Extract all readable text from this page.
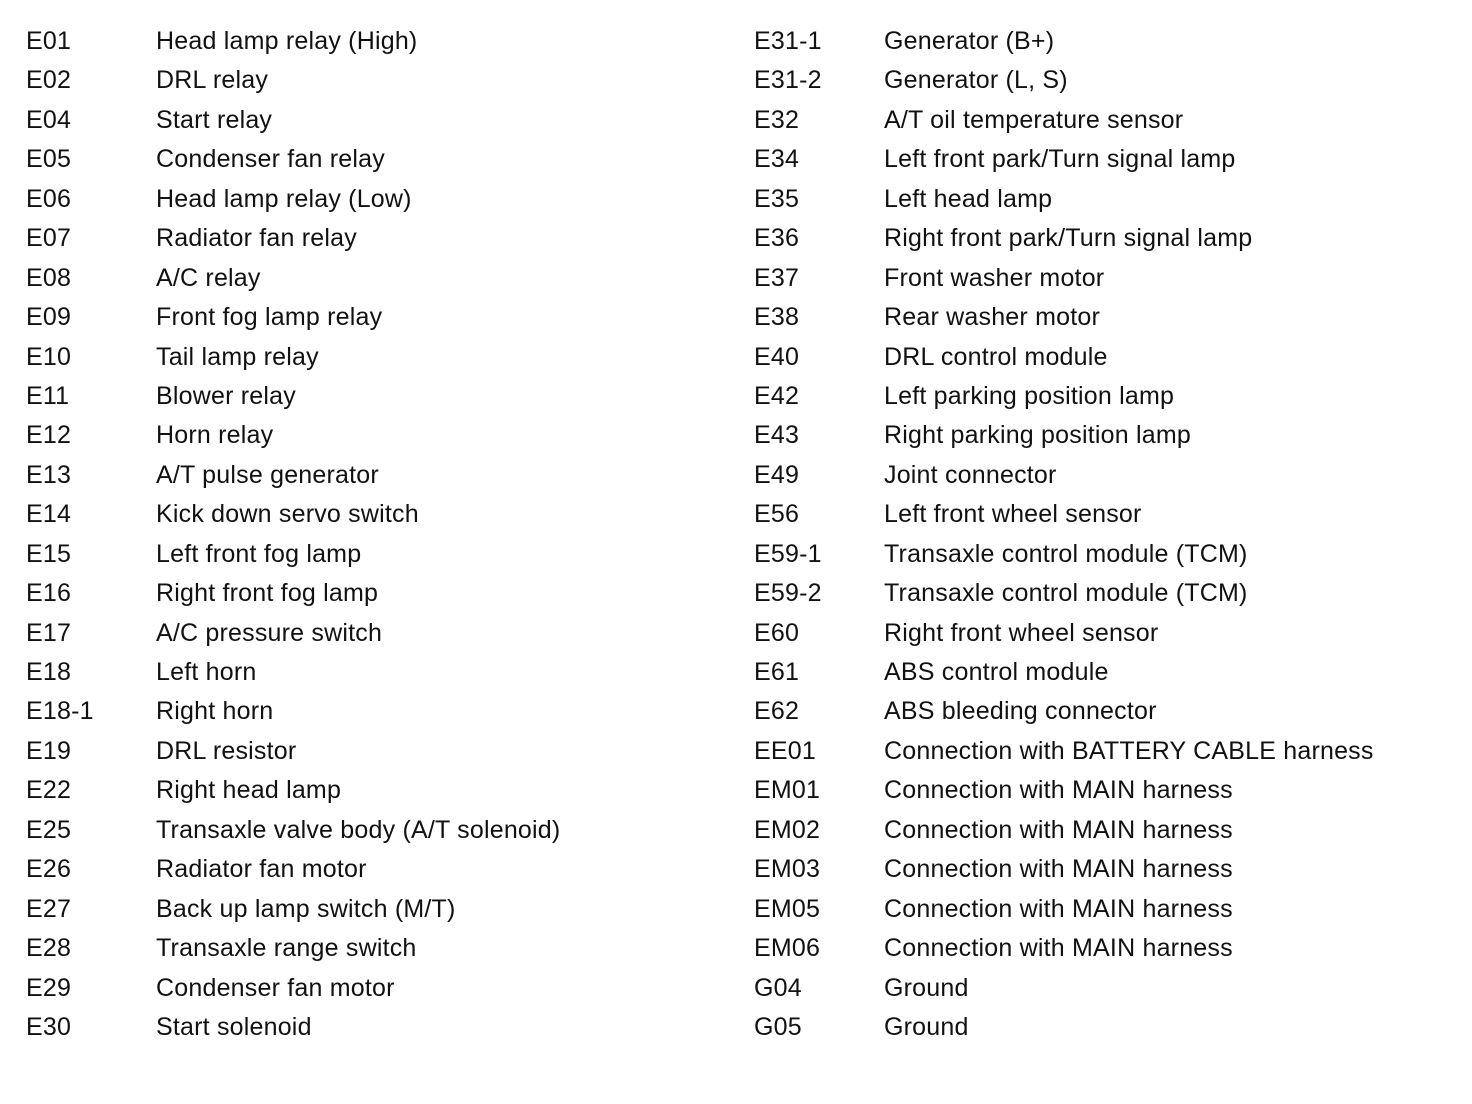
E01	Head lamp relay (High)
E02	DRL relay
E04	Start relay
E05	Condenser fan relay
E06	Head lamp relay (Low)
E07	Radiator fan relay
E08	A/C relay
E09	Front fog lamp relay
E10	Tail lamp relay
E11	Blower relay
E12	Horn relay
E13	A/T pulse generator
E14	Kick down servo switch
E15	Left front fog lamp
E16	Right front fog lamp
E17	A/C pressure switch
E18	Left horn
E18-1	Right horn
E19	DRL resistor
E22	Right head lamp
E25	Transaxle valve body (A/T solenoid)
E26	Radiator fan motor
E27	Back up lamp switch (M/T)
E28	Transaxle range switch
E29	Condenser fan motor
E30	Start solenoid
E31-1	Generator (B+)
E31-2	Generator (L, S)
E32	A/T oil temperature sensor
E34	Left front park/Turn signal lamp
E35	Left head lamp
E36	Right front park/Turn signal lamp
E37	Front washer motor
E38	Rear washer motor
E40	DRL control module
E42	Left parking position lamp
E43	Right parking position lamp
E49	Joint connector
E56	Left front wheel sensor
E59-1	Transaxle control module (TCM)
E59-2	Transaxle control module (TCM)
E60	Right front wheel sensor
E61	ABS control module
E62	ABS bleeding connector
EE01	Connection with BATTERY CABLE harness
EM01	Connection with MAIN harness
EM02	Connection with MAIN harness
EM03	Connection with MAIN harness
EM05	Connection with MAIN harness
EM06	Connection with MAIN harness
G04	Ground
G05	Ground
